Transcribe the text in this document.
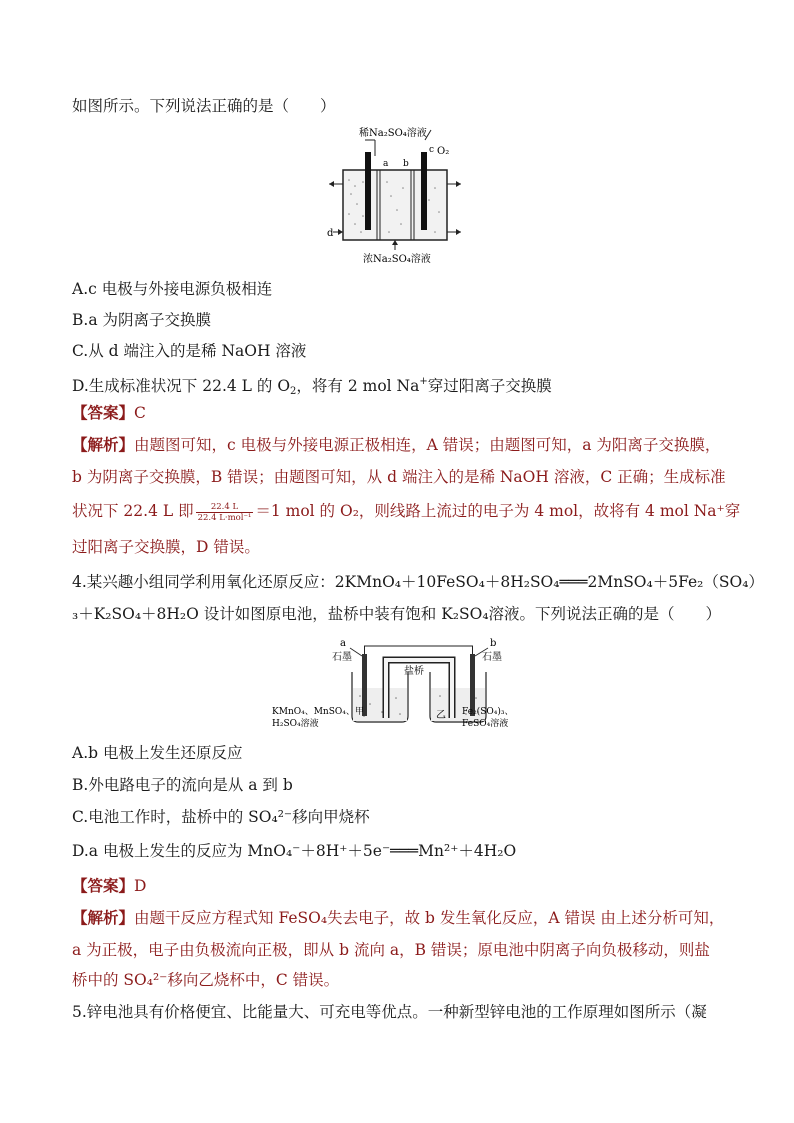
如图所示。下列说法正确的是（　　）
稀Na₂SO₄溶液
a b
c O₂
d
浓Na₂SO₄溶液
A.c 电极与外接电源负极相连
B.a 为阴离子交换膜
C.从 d 端注入的是稀 NaOH 溶液
D.生成标准状况下 22.4 L 的 $O_2$，将有 2 mol Na+穿过阳离子交换膜
【答案】C
【解析】由题图可知，c 电极与外接电源正极相连，A 错误；由题图可知，a 为阳离子交换膜，
b 为阴离子交换膜，B 错误；由题图可知，从 d 端注入的是稀 NaOH 溶液，C 正确；生成标准
状况下 22.4 L 即 $\frac{22.4 L}{\text{22.4 L·mol⁻¹}} =1$ mol 的 O₂，则线路上流过的电子为 4 mol，故将有 4 mol Na⁺穿
过阳离子交换膜，D 错误。
4.某兴趣小组同学利用氧化还原反应：2KMnO₄＋10FeSO₄＋8H₂SO₄═══2MnSO₄＋5Fe₂（SO₄）
₃＋K₂SO₄＋8H₂O 设计如图原电池，盐桥中装有饱和 K₂SO₄溶液。下列说法正确的是（　　）
a	b
石墨	石墨
盐桥
KMnO₄、MnSO₄、甲
H₂SO₄溶液
乙 Fe₂(SO₄)₃、
FeSO₄溶液
A.b 电极上发生还原反应
B.外电路电子的流向是从 a 到 b
C.电池工作时，盐桥中的 SO₄²⁻移向甲烧杯
D.a 电极上发生的反应为 MnO₄⁻＋8H⁺＋5e⁻═══Mn²⁺＋4H₂O
【答案】D
【解析】由题干反应方程式知 FeSO₄失去电子，故 b 发生氧化反应，A 错误 由上述分析可知，
a 为正极，电子由负极流向正极，即从 b 流向 a，B 错误；原电池中阴离子向负极移动，则盐
桥中的 SO₄²⁻移向乙烧杯中，C 错误。
5.锌电池具有价格便宜、比能量大、可充电等优点。一种新型锌电池的工作原理如图所示（凝
